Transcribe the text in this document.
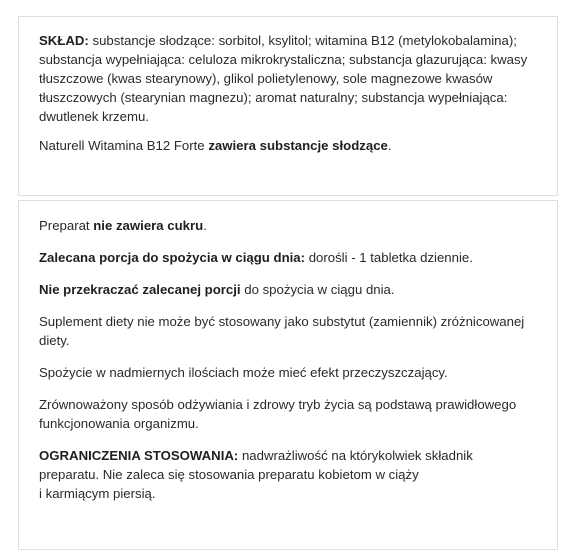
SKŁAD: substancje słodzące: sorbitol, ksylitol; witamina B12 (metylokobalamina); substancja wypełniająca: celuloza mikrokrystaliczna; substancja glazurująca: kwasy tłuszczowe (kwas stearynowy), glikol polietylenowy, sole magnezowe kwasów tłuszczowych (stearynian magnezu); aromat naturalny; substancja wypełniająca: dwutlenek krzemu.

Naturell Witamina B12 Forte zawiera substancje słodzące.

Preparat nie zawiera cukru.

Zalecana porcja do spożycia w ciągu dnia: dorośli - 1 tabletka dziennie.

Nie przekraczać zalecanej porcji do spożycia w ciągu dnia.

Suplement diety nie może być stosowany jako substytut (zamiennik) zróżnicowanej diety.

Spożycie w nadmiernych ilościach może mieć efekt przeczyszczający.

Zrównoważony sposób odżywiania i zdrowy tryb życia są podstawą prawidłowego funkcjonowania organizmu.

OGRANICZENIA STOSOWANIA: nadwrażliwość na którykolwiek składnik
preparatu. Nie zaleca się stosowania preparatu kobietom w ciąży
i karmiącym piersią.
